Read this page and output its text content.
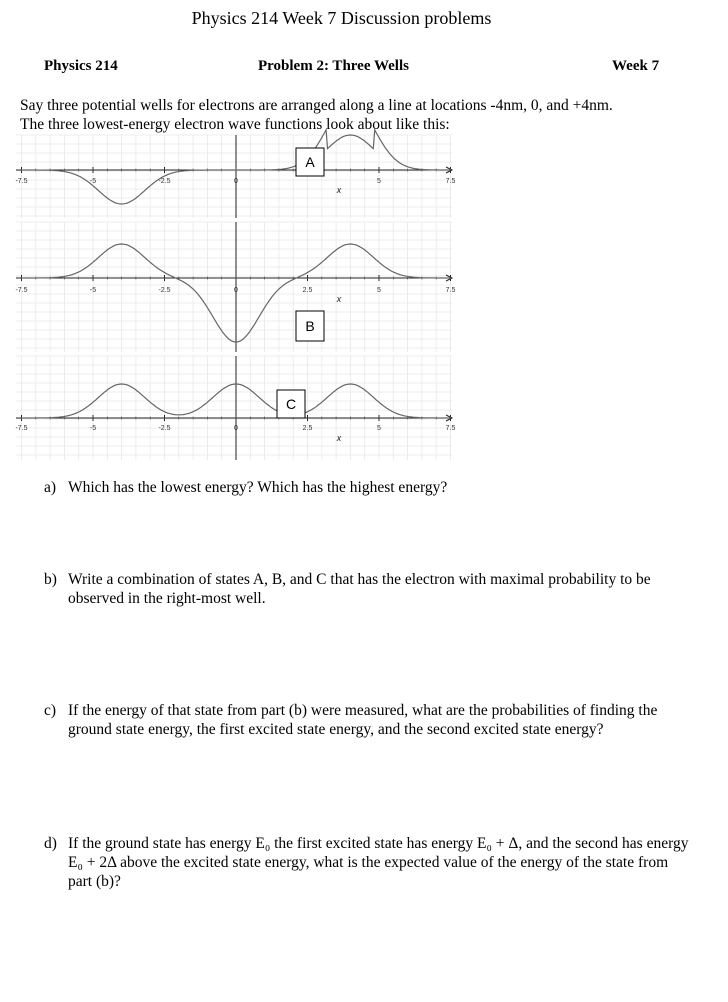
Physics 214 Week 7 Discussion problems
Physics 214	Problem 2: Three Wells	Week 7

Say three potential wells for electrons are arranged along a line at locations -4nm, 0, and +4nm.

The three lowest-energy electron wave functions look about like this:

-7.5	-5	-2.5	0	5	7.5
x
A
-7.5	-5	-2.5	0	2.5	5	7.5
x
B
-7.5	-5	-2.5	0	2.5	5	7.5
x
C
a) Which has the lowest energy? Which has the highest energy?
b) Write a combination of states A, B, and C that has the electron with maximal probability to be observed in the right-most well.
c) If the energy of that state from part (b) were measured, what are the probabilities of finding the ground state energy, the first excited state energy, and the second excited state energy?
d) If the ground state has energy E₀ the first excited state has energy E₀ + Δ, and the second has energy E₀ + 2Δ above the excited state energy, what is the expected value of the energy of the state from part (b)?
